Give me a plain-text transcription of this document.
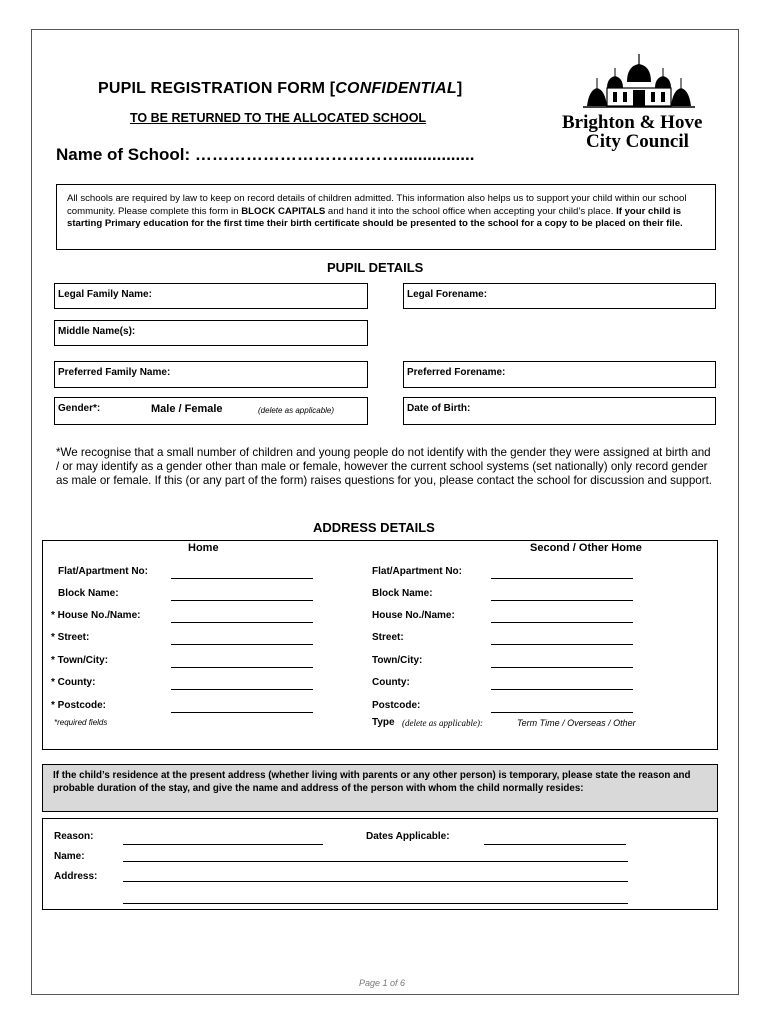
PUPIL REGISTRATION FORM [CONFIDENTIAL]
TO BE RETURNED TO THE ALLOCATED SCHOOL
Name of School: ………………………………................
Brighton & Hove
City Council
All schools are required by law to keep on record details of children admitted. This information also helps us to support your child within our school community. Please complete this form in BLOCK CAPITALS and hand it into the school office when accepting your child’s place. If your child is starting Primary education for the first time their birth certificate should be presented to the school for a copy to be placed on their file.
PUPIL DETAILS
Legal Family Name:	Legal Forename:
Middle Name(s):
Preferred Family Name:	Preferred Forename:
Gender*:	Male / Female	(delete as applicable)	Date of Birth:
*We recognise that a small number of children and young people do not identify with the gender they were assigned at birth and / or may identify as a gender other than male or female, however the current school systems (set nationally) only record gender as male or female. If this (or any part of the form) raises questions for you, please contact the school for discussion and support.
ADDRESS DETAILS
Home	Second / Other Home
Flat/Apartment No:	Flat/Apartment No:
Block Name:	Block Name:
* House No./Name:	House No./Name:
* Street:	Street:
* Town/City:	Town/City:
* County:	County:
* Postcode:	Postcode:
*required fields	Type (delete as applicable):	Term Time / Overseas / Other
If the child’s residence at the present address (whether living with parents or any other person) is temporary, please state the reason and probable duration of the stay, and give the name and address of the person with whom the child normally resides:
Reason:	Dates Applicable:
Name:
Address:
Page 1 of 6
